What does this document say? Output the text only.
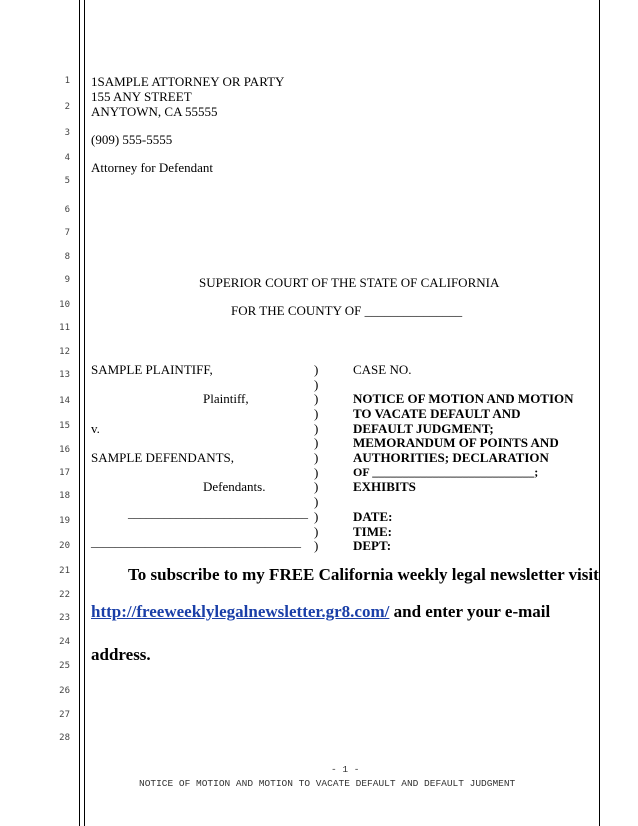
1
2
3
4
5
6
7
8
9
10
11
12
13
14
15
16
17
18
19
20
21
22
23
24
25
26
27
28
1SAMPLE ATTORNEY OR PARTY
155 ANY STREET
ANYTOWN, CA 55555
(909) 555-5555
Attorney for Defendant
SUPERIOR COURT OF THE STATE OF CALIFORNIA
FOR THE COUNTY OF _______________
SAMPLE PLAINTIFF,
Plaintiff,
v.
SAMPLE DEFENDANTS,
Defendants.
______________________________
___________________________________
)
)
)
)
)
)
)
)
)
)
)
)
)
CASE NO.
NOTICE OF MOTION AND MOTION
TO VACATE DEFAULT AND
DEFAULT JUDGMENT;
MEMORANDUM OF POINTS AND
AUTHORITIES; DECLARATION
OF ___________________________;
EXHIBITS
DATE:
TIME:
DEPT:
To subscribe to my FREE California weekly legal newsletter visit
http://freeweeklylegalnewsletter.gr8.com/ and enter your e-mail
address.
- 1 -
NOTICE OF MOTION AND MOTION TO VACATE DEFAULT AND DEFAULT JUDGMENT
